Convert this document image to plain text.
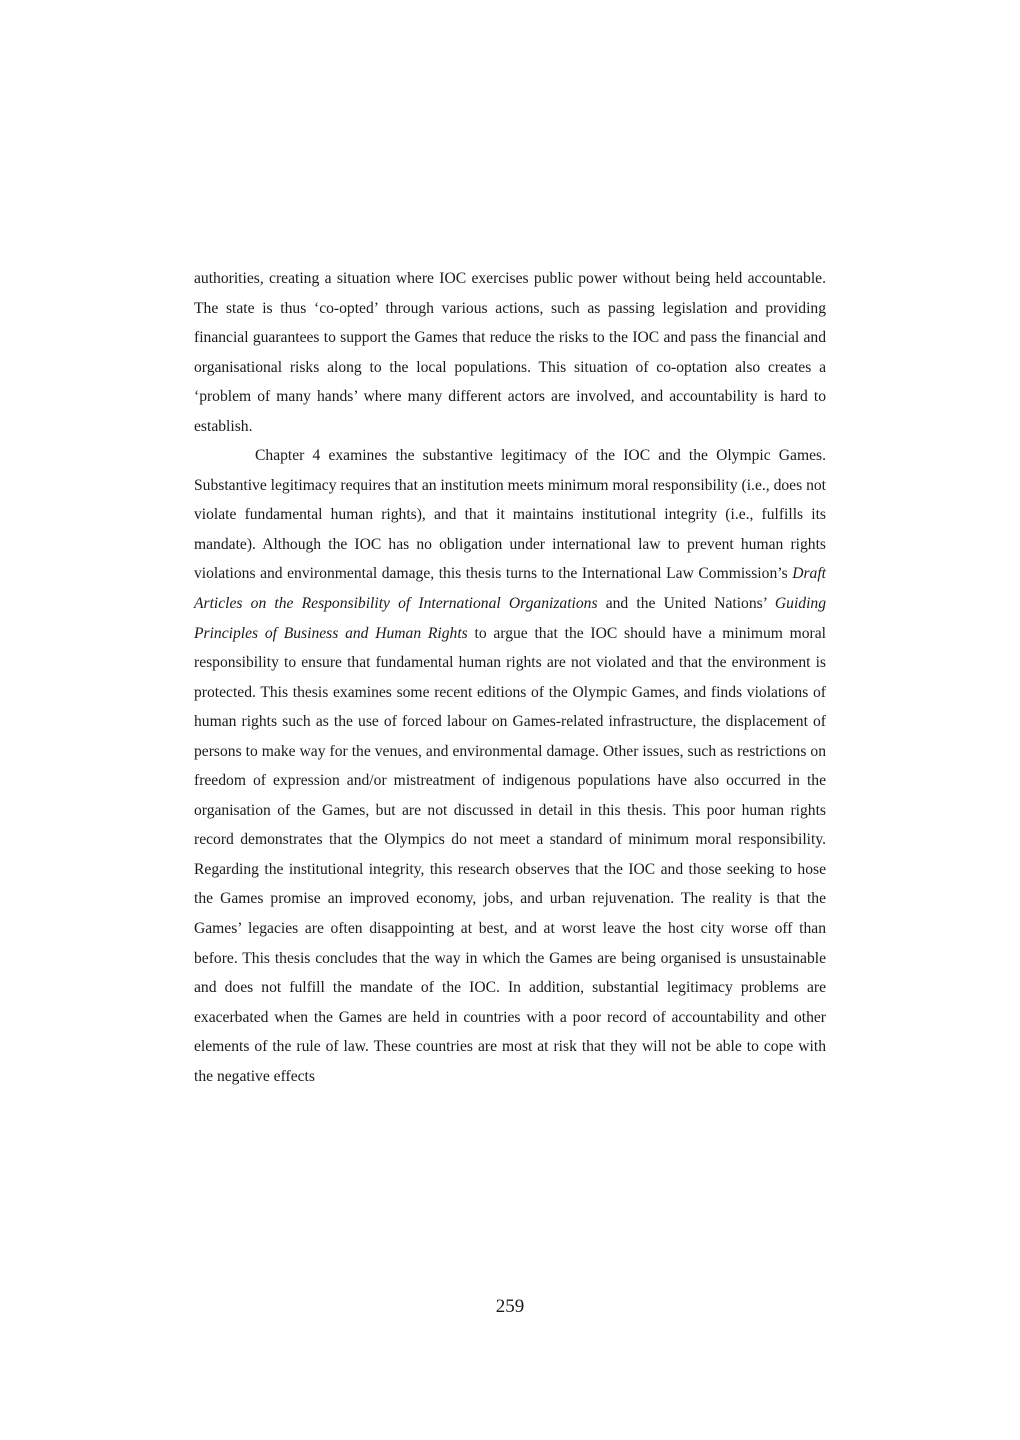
authorities, creating a situation where IOC exercises public power without being held accountable. The state is thus ‘co-opted’ through various actions, such as passing legislation and providing financial guarantees to support the Games that reduce the risks to the IOC and pass the financial and organisational risks along to the local populations. This situation of co-optation also creates a ‘problem of many hands’ where many different actors are involved, and accountability is hard to establish.

Chapter 4 examines the substantive legitimacy of the IOC and the Olympic Games. Substantive legitimacy requires that an institution meets minimum moral responsibility (i.e., does not violate fundamental human rights), and that it maintains institutional integrity (i.e., fulfills its mandate). Although the IOC has no obligation under international law to prevent human rights violations and environmental damage, this thesis turns to the International Law Commission’s Draft Articles on the Responsibility of International Organizations and the United Nations’ Guiding Principles of Business and Human Rights to argue that the IOC should have a minimum moral responsibility to ensure that fundamental human rights are not violated and that the environment is protected. This thesis examines some recent editions of the Olympic Games, and finds violations of human rights such as the use of forced labour on Games-related infrastructure, the displacement of persons to make way for the venues, and environmental damage. Other issues, such as restrictions on freedom of expression and/or mistreatment of indigenous populations have also occurred in the organisation of the Games, but are not discussed in detail in this thesis. This poor human rights record demonstrates that the Olympics do not meet a standard of minimum moral responsibility. Regarding the institutional integrity, this research observes that the IOC and those seeking to hose the Games promise an improved economy, jobs, and urban rejuvenation. The reality is that the Games’ legacies are often disappointing at best, and at worst leave the host city worse off than before. This thesis concludes that the way in which the Games are being organised is unsustainable and does not fulfill the mandate of the IOC. In addition, substantial legitimacy problems are exacerbated when the Games are held in countries with a poor record of accountability and other elements of the rule of law. These countries are most at risk that they will not be able to cope with the negative effects

259
